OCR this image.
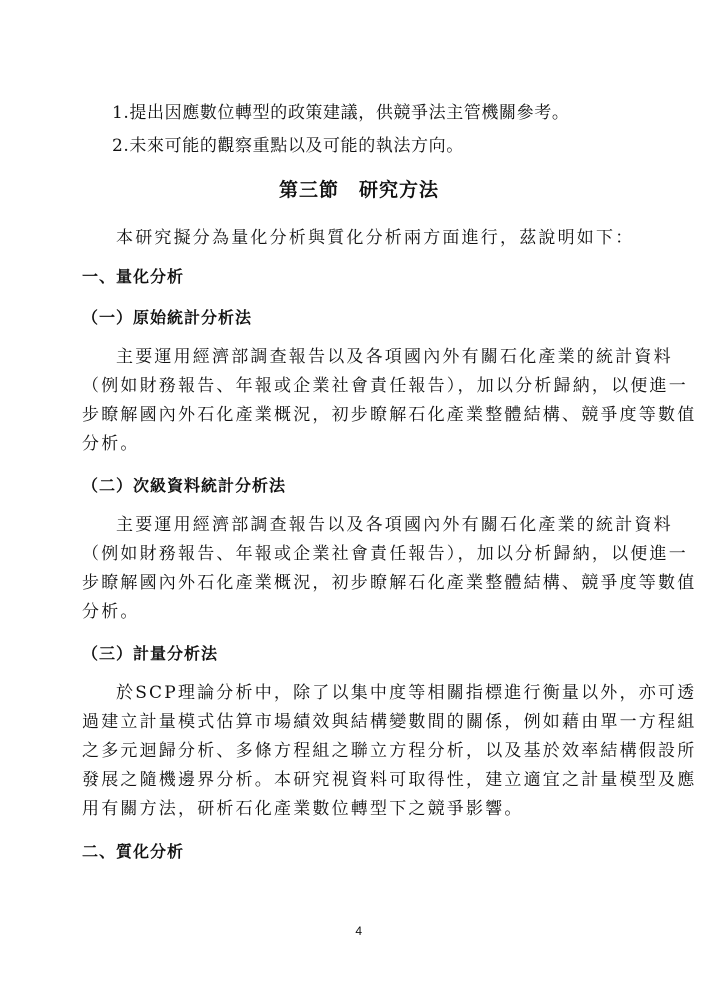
1.提出因應數位轉型的政策建議，供競爭法主管機關參考。
2.未來可能的觀察重點以及可能的執法方向。
第三節　研究方法
本研究擬分為量化分析與質化分析兩方面進行，茲說明如下：
一、量化分析
（一）原始統計分析法
主要運用經濟部調查報告以及各項國內外有關石化產業的統計資料
（例如財務報告、年報或企業社會責任報告），加以分析歸納，以便進一
步瞭解國內外石化產業概況，初步瞭解石化產業整體結構、競爭度等數值
分析。
（二）次級資料統計分析法
主要運用經濟部調查報告以及各項國內外有關石化產業的統計資料
（例如財務報告、年報或企業社會責任報告），加以分析歸納，以便進一
步瞭解國內外石化產業概況，初步瞭解石化產業整體結構、競爭度等數值
分析。
（三）計量分析法
於SCP理論分析中，除了以集中度等相關指標進行衡量以外，亦可透
過建立計量模式估算市場績效與結構變數間的關係，例如藉由單一方程組
之多元迴歸分析、多條方程組之聯立方程分析，以及基於效率結構假設所
發展之隨機邊界分析。本研究視資料可取得性，建立適宜之計量模型及應
用有關方法，研析石化產業數位轉型下之競爭影響。
二、質化分析
4
